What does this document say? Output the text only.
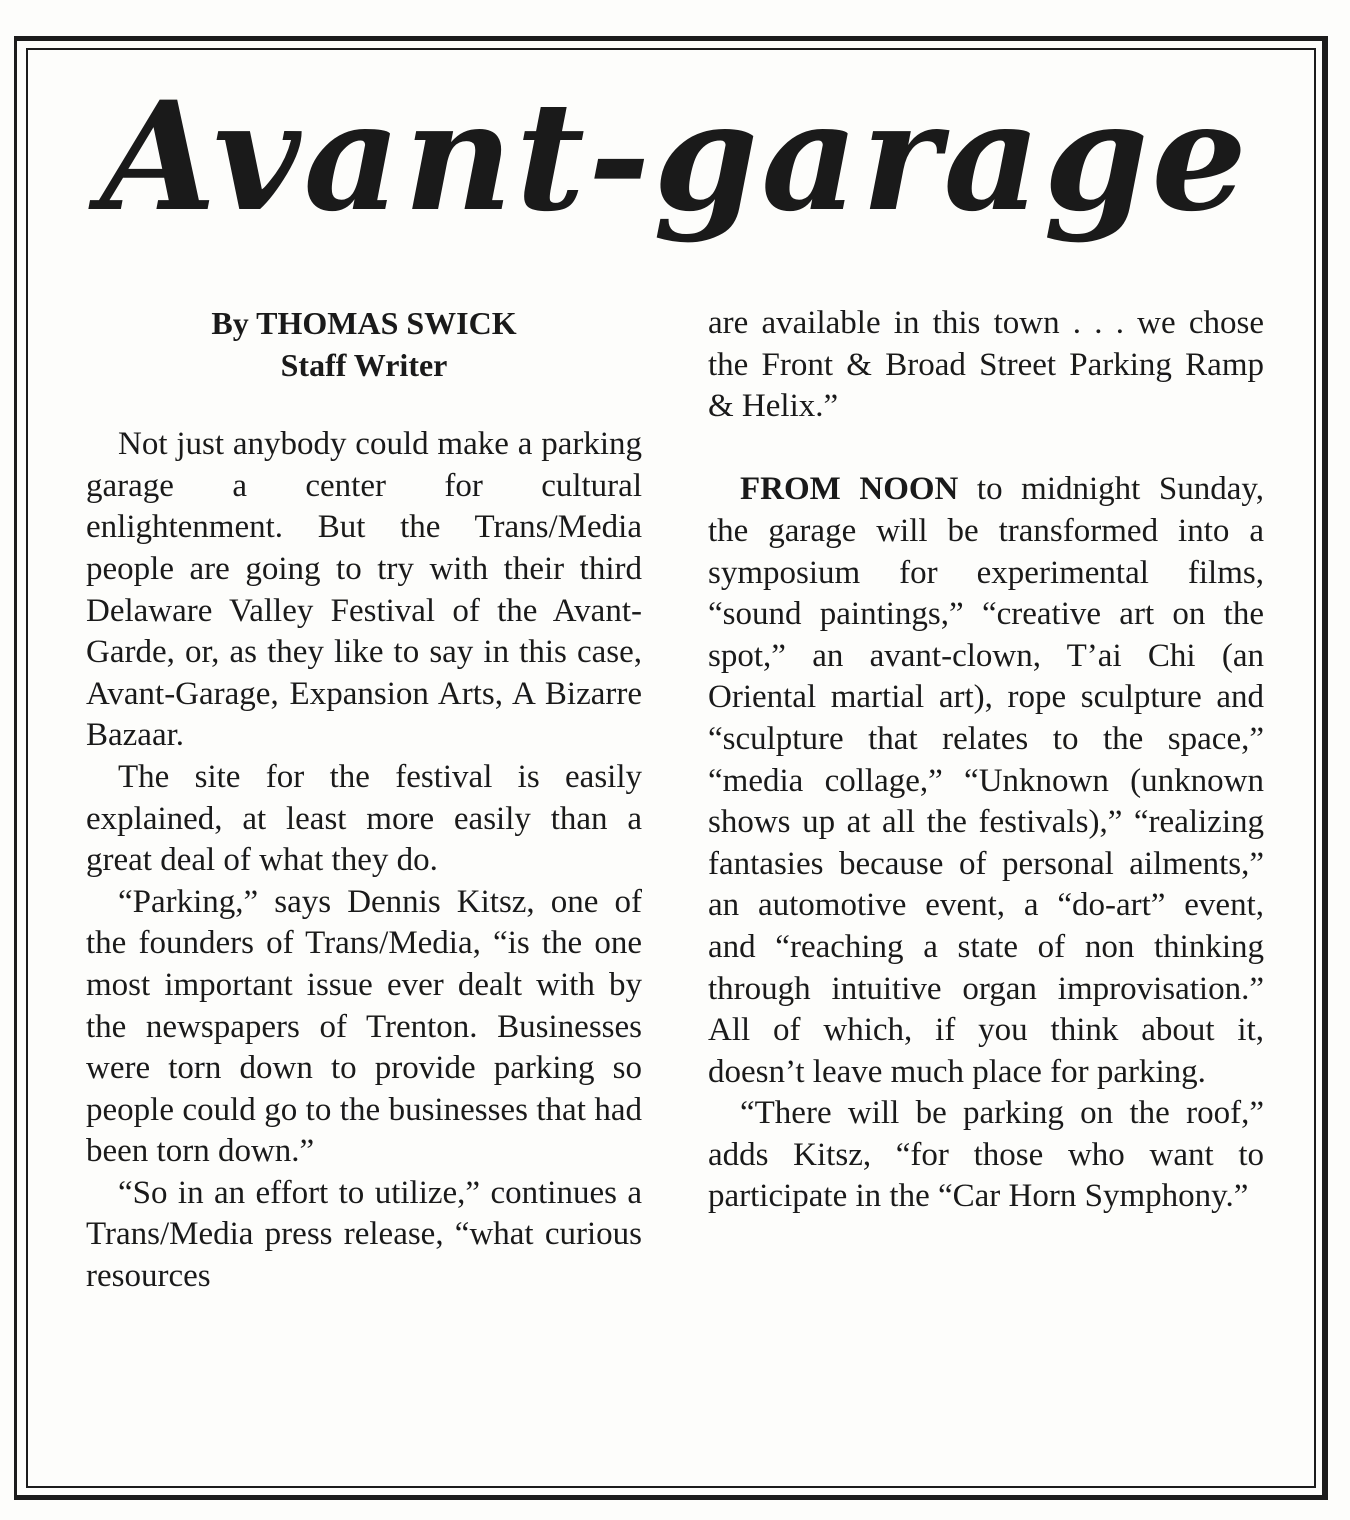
Avant-garage
By THOMAS SWICK
Staff Writer

Not just anybody could make a parking garage a center for cultural enlightenment. But the Trans/Media people are going to try with their third Delaware Valley Festival of the Avant-Garde, or, as they like to say in this case, Avant-Garage, Expansion Arts, A Bizarre Bazaar.

The site for the festival is easily explained, at least more easily than a great deal of what they do.

“Parking,” says Dennis Kitsz, one of the founders of Trans/Media, “is the one most important issue ever dealt with by the newspapers of Trenton. Businesses were torn down to provide parking so people could go to the businesses that had been torn down.”

“So in an effort to utilize,” continues a Trans/Media press release, “what curious resources

are available in this town . . . we chose the Front & Broad Street Parking Ramp & Helix.”

FROM NOON to midnight Sunday, the garage will be transformed into a symposium for experimental films, “sound paintings,” “creative art on the spot,” an avant-clown, T’ai Chi (an Oriental martial art), rope sculpture and “sculpture that relates to the space,” “media collage,” “Unknown (unknown shows up at all the festivals),” “realizing fantasies because of personal ailments,” an automotive event, a “do-art” event, and “reaching a state of non thinking through intuitive organ improvisation.” All of which, if you think about it, doesn’t leave much place for parking.

“There will be parking on the roof,” adds Kitsz, “for those who want to participate in the “Car Horn Symphony.”
